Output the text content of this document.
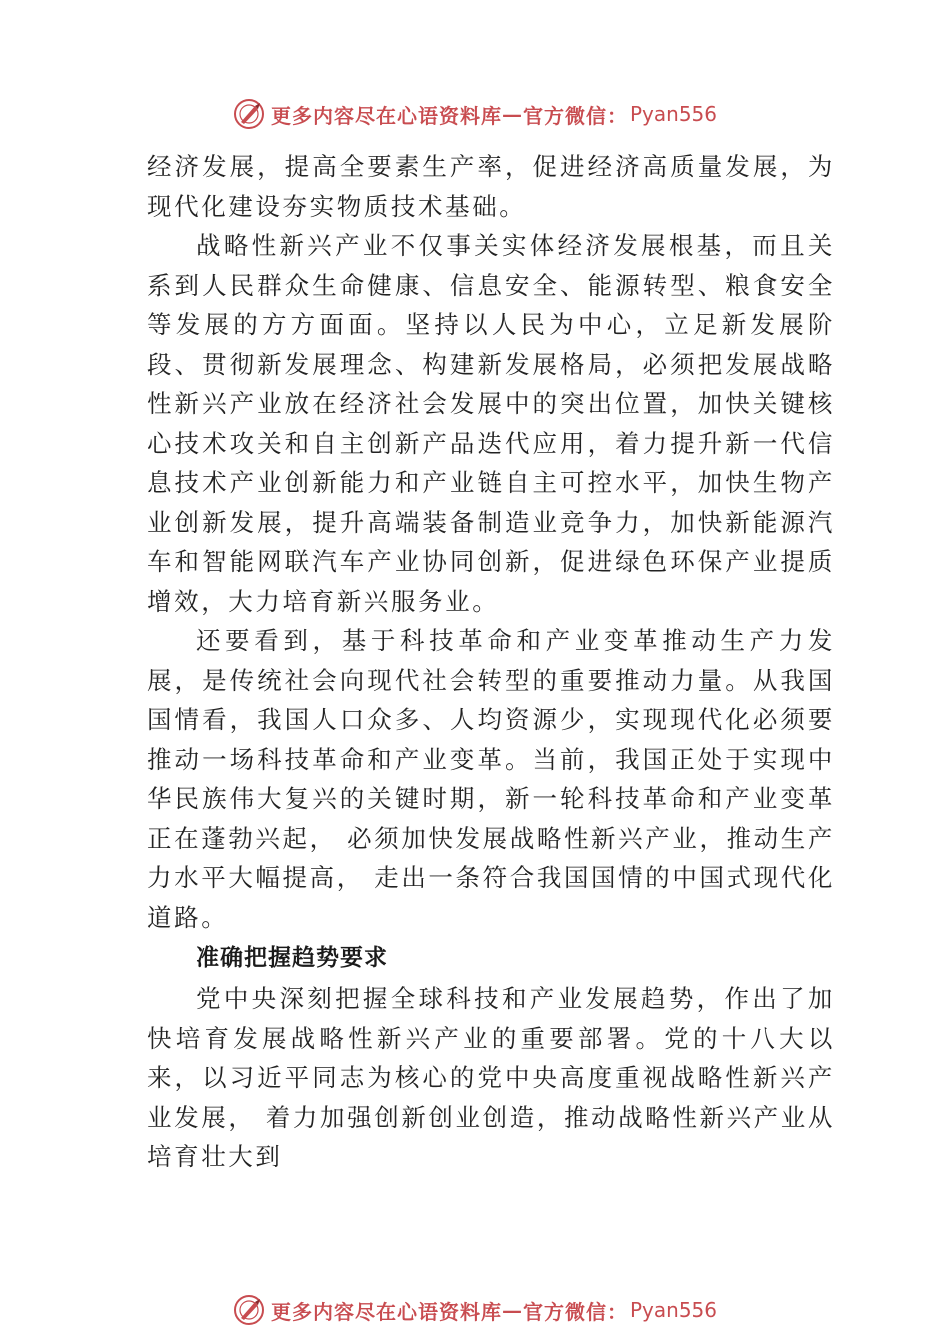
更多内容尽在心语资料库 — 官方微信： Pyan556

经济发展，提高全要素生产率，促进经济高质量发展，为现代化建设夯实物质技术基础。

战略性新兴产业不仅事关实体经济发展根基，而且关系到人民群众生命健康、信息安全、能源转型、粮食安全等发展的方方面面。坚持以人民为中心，立足新发展阶段、贯彻新发展理念、构建新发展格局，必须把发展战略性新兴产业放在经济社会发展中的突出位置，加快关键核心技术攻关和自主创新产品迭代应用，着力提升新一代信息技术产业创新能力和产业链自主可控水平，加快生物产业创新发展，提升高端装备制造业竞争力，加快新能源汽车和智能网联汽车产业协同创新，促进绿色环保产业提质增效，大力培育新兴服务业。

还要看到，基于科技革命和产业变革推动生产力发展，是传统社会向现代社会转型的重要推动力量。从我国国情看，我国人口众多、人均资源少，实现现代化必须要推动一场科技革命和产业变革。当前，我国正处于实现中华民族伟大复兴的关键时期，新一轮科技革命和产业变革正在蓬勃兴起， 必须加快发展战略性新兴产业，推动生产力水平大幅提高， 走出一条符合我国国情的中国式现代化道路。

准确把握趋势要求

党中央深刻把握全球科技和产业发展趋势，作出了加快培育发展战略性新兴产业的重要部署。党的十八大以来，以习近平同志为核心的党中央高度重视战略性新兴产业发展， 着力加强创新创业创造，推动战略性新兴产业从培育壮大到

更多内容尽在心语资料库 — 官方微信： Pyan556
